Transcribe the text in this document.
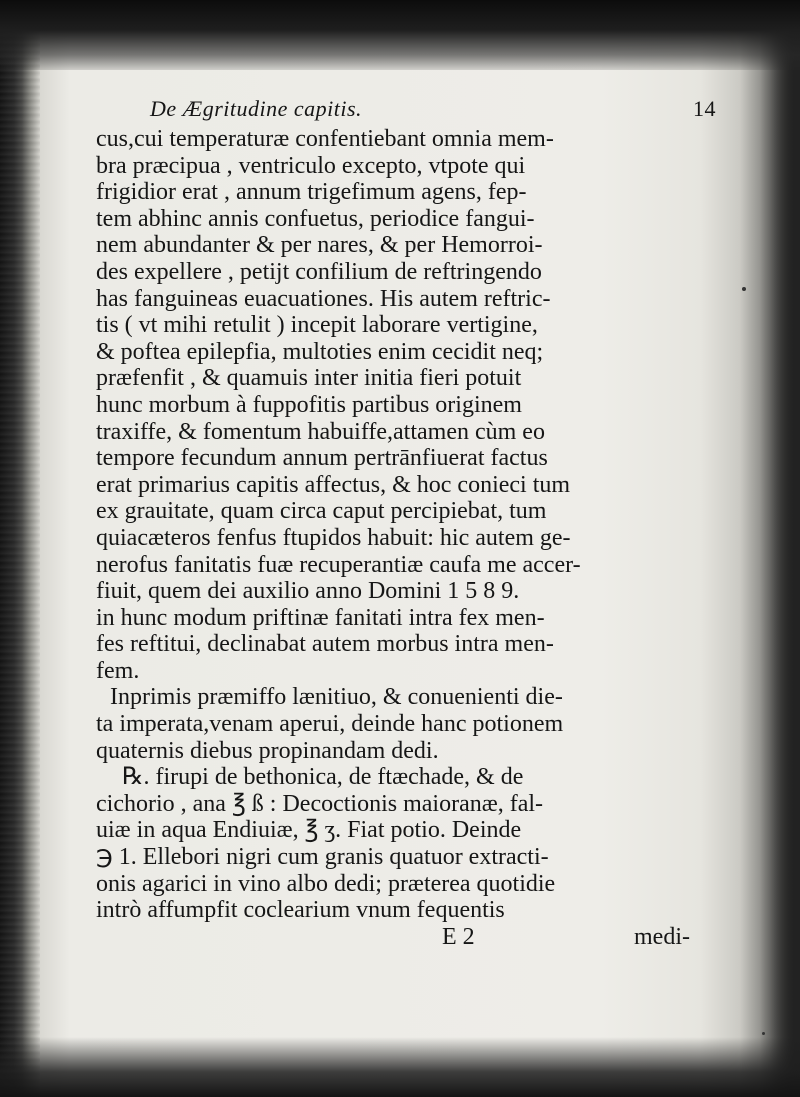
De Ægritudine capitis.	14
cus,cui temperaturæ confentiebant omnia mem-
bra præcipua , ventriculo excepto, vtpote qui
frigidior erat , annum trigefimum agens, fep-
tem abhinc annis confuetus, periodice fangui-
nem abundanter & per nares, & per Hemorroi-
des expellere , petijt confilium de reftringendo
has fanguineas euacuationes. His autem reftric-
tis ( vt mihi retulit ) incepit laborare vertigine,
& poftea epilepfia, multoties enim cecidit neq;
præfenfit , & quamuis inter initia fieri potuit
hunc morbum à fuppofitis partibus originem
traxiffe, & fomentum habuiffe,attamen cùm eo
tempore fecundum annum pertrānfiuerat factus
erat primarius capitis affectus, & hoc conieci tum
ex grauitate, quam circa caput percipiebat, tum
quiacæteros fenfus ftupidos habuit: hic autem ge-
nerofus fanitatis fuæ recuperantiæ caufa me accer-
fiuit, quem dei auxilio anno Domini 1 5 8 9.
in hunc modum priftinæ fanitati intra fex men-
fes reftitui, declinabat autem morbus intra men-
fem.
Inprimis præmiffo lænitiuo, & conuenienti die-
ta imperata,venam aperui, deinde hanc potionem
quaternis diebus propinandam dedi.
℞. firupi de bethonica, de ftæchade, & de
cichorio , ana ℥ ß : Decoctionis maioranæ, fal-
uiæ in aqua Endiuiæ, ℥ ʒ. Fiat potio. Deinde
℈ 1. Ellebori nigri cum granis quatuor extracti-
onis agarici in vino albo dedi; præterea quotidie
intrò affumpfit coclearium vnum fequentis
E 2	medi-
